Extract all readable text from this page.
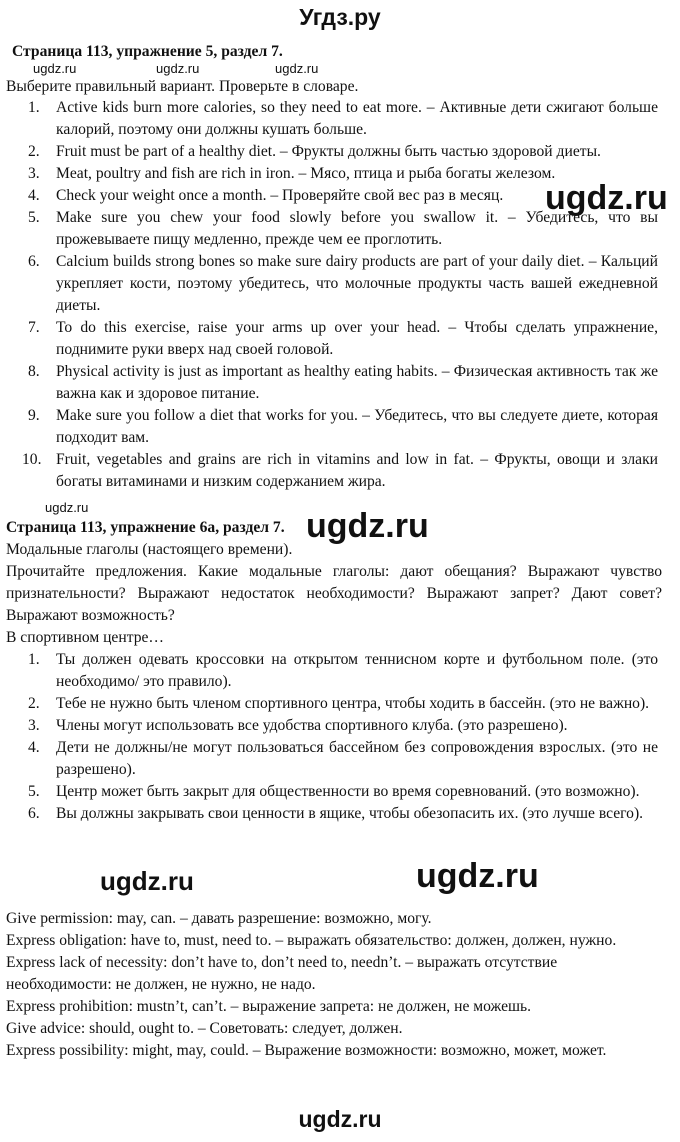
Угдз.ру
Страница 113, упражнение 5, раздел 7.
ugdz.ru	ugdz.ru	ugdz.ru
Выберите правильный вариант. Проверьте в словаре.
1.	Active kids burn more calories, so they need to eat more. – Активные дети сжигают больше калорий, поэтому они должны кушать больше.
2.	Fruit must be part of a healthy diet. – Фрукты должны быть частью здоровой диеты.
3.	Meat, poultry and fish are rich in iron. – Мясо, птица и рыба богаты железом.
4.	Check your weight once a month. – Проверяйте свой вес раз в месяц.
5.	Make sure you chew your food slowly before you swallow it. – Убедитесь, что вы прожевываете пищу медленно, прежде чем ее проглотить.
6.	Calcium builds strong bones so make sure dairy products are part of your daily diet. – Кальций укрепляет кости, поэтому убедитесь, что молочные продукты часть вашей ежедневной диеты.
7.	To do this exercise, raise your arms up over your head. – Чтобы сделать упражнение, поднимите руки вверх над своей головой.
8.	Physical activity is just as important as healthy eating habits. – Физическая активность так же важна как и здоровое питание.
9.	Make sure you follow a diet that works for you. – Убедитесь, что вы следуете диете, которая подходит вам.
10. Fruit, vegetables and grains are rich in vitamins and low in fat. – Фрукты, овощи и злаки богаты витаминами и низким содержанием жира.
ugdz.ru
ugdz.ru
Страница 113, упражнение 6а, раздел 7. ugdz.ru
Модальные глаголы (настоящего времени).
Прочитайте предложения. Какие модальные глаголы: дают обещания? Выражают чувство признательности? Выражают недостаток необходимости? Выражают запрет? Дают совет? Выражают возможность?
В спортивном центре…
1.	Ты должен одевать кроссовки на открытом теннисном корте и футбольном поле. (это необходимо/ это правило).
2.	Тебе не нужно быть членом спортивного центра, чтобы ходить в бассейн. (это не важно).
3.	Члены могут использовать все удобства спортивного клуба. (это разрешено).
4.	Дети не должны/не могут пользоваться бассейном без сопровождения взрослых. (это не разрешено).
5.	Центр может быть закрыт для общественности во время соревнований. (это возможно).
6.	Вы должны закрывать свои ценности в ящике, чтобы обезопасить их. (это лучше всего).
ugdz.ru	ugdz.ru
Give permission: may, can. – давать разрешение: возможно, могу.
Express obligation: have to, must, need to. – выражать обязательство: должен, должен, нужно.
Express lack of necessity: don’t have to, don’t need to, needn’t. – выражать отсутствие необходимости: не должен, не нужно, не надо.
Express prohibition: mustn’t, can’t. – выражение запрета: не должен, не можешь.
Give advice: should, ought to. – Советовать: следует, должен.
Express possibility: might, may, could. – Выражение возможности: возможно, может, может.
ugdz.ru
